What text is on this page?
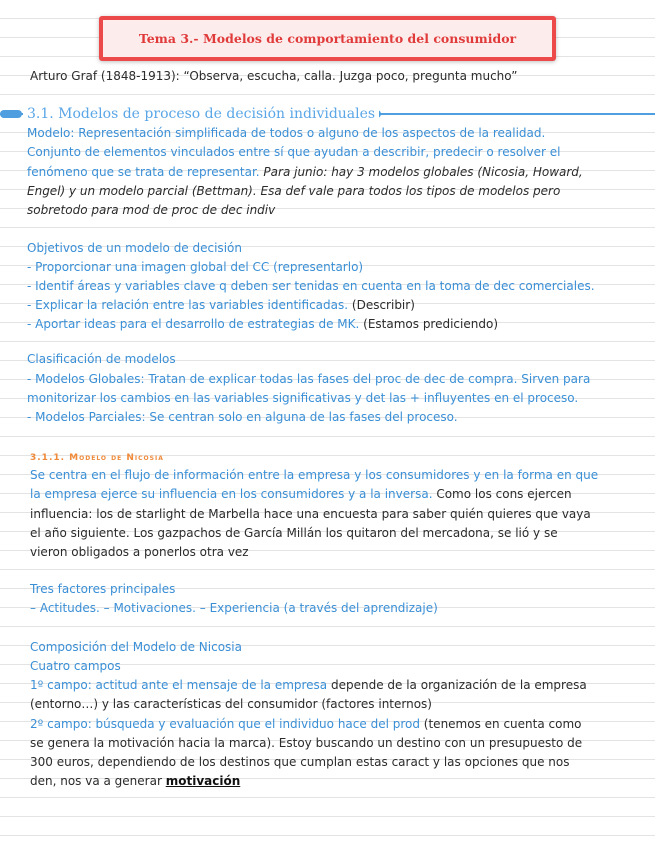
Tema 3.- Modelos de comportamiento del consumidor
Arturo Graf (1848-1913): “Observa, escucha, calla. Juzga poco, pregunta mucho”
3.1. Modelos de proceso de decisión individuales
Modelo: Representación simplificada de todos o alguno de los aspectos de la realidad.
Conjunto de elementos vinculados entre sí que ayudan a describir, predecir o resolver el
fenómeno que se trata de representar. Para junio: hay 3 modelos globales (Nicosia, Howard,
Engel) y un modelo parcial (Bettman). Esa def vale para todos los tipos de modelos pero
sobretodo para mod de proc de dec indiv
Objetivos de un modelo de decisión
- Proporcionar una imagen global del CC (representarlo)
- Identif áreas y variables clave q deben ser tenidas en cuenta en la toma de dec comerciales.
- Explicar la relación entre las variables identificadas. (Describir)
- Aportar ideas para el desarrollo de estrategias de MK. (Estamos prediciendo)
Clasificación de modelos
- Modelos Globales: Tratan de explicar todas las fases del proc de dec de compra. Sirven para
monitorizar los cambios en las variables significativas y det las + influyentes en el proceso.
- Modelos Parciales: Se centran solo en alguna de las fases del proceso.
3.1.1. Modelo de Nicosia
Se centra en el flujo de información entre la empresa y los consumidores y en la forma en que
la empresa ejerce su influencia en los consumidores y a la inversa. Como los cons ejercen
influencia: los de starlight de Marbella hace una encuesta para saber quién quieres que vaya
el año siguiente. Los gazpachos de García Millán los quitaron del mercadona, se lió y se
vieron obligados a ponerlos otra vez
Tres factores principales
– Actitudes. – Motivaciones. – Experiencia (a través del aprendizaje)
Composición del Modelo de Nicosia
Cuatro campos
1º campo: actitud ante el mensaje de la empresa depende de la organización de la empresa
(entorno…) y las características del consumidor (factores internos)
2º campo: búsqueda y evaluación que el individuo hace del prod (tenemos en cuenta como
se genera la motivación hacia la marca). Estoy buscando un destino con un presupuesto de
300 euros, dependiendo de los destinos que cumplan estas caract y las opciones que nos
den, nos va a generar motivación
